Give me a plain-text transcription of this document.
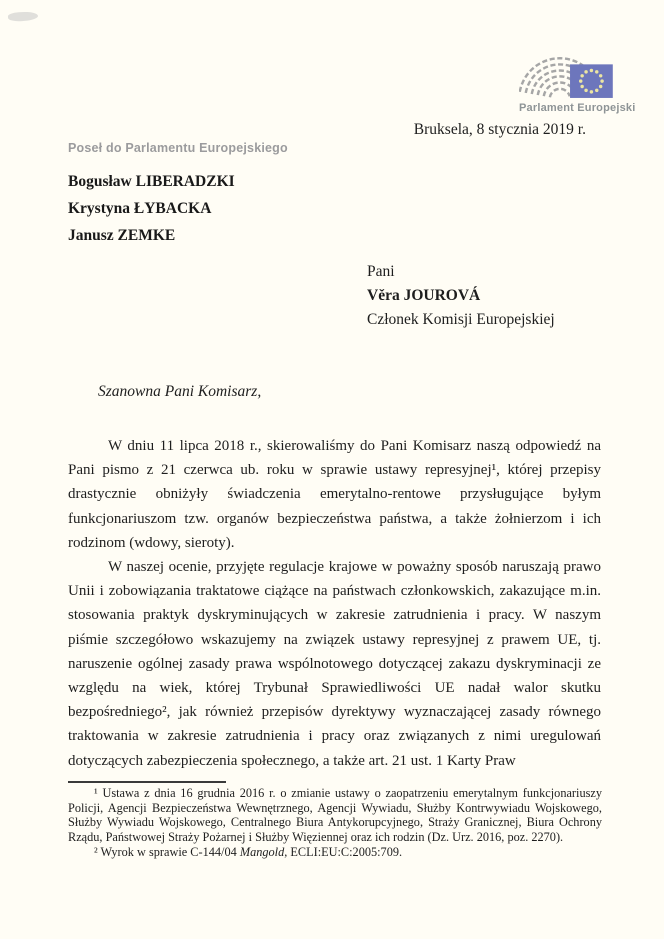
Parlament Europejski
Bruksela, 8 stycznia 2019 r.
Poseł do Parlamentu Europejskiego
Bogusław LIBERADZKI
Krystyna ŁYBACKA
Janusz ZEMKE
Pani
Věra JOUROVÁ
Członek Komisji Europejskiej
Szanowna Pani Komisarz,

W dniu 11 lipca 2018 r., skierowaliśmy do Pani Komisarz naszą odpowiedź na Pani pismo z 21 czerwca ub. roku w sprawie ustawy represyjnej¹, której przepisy drastycznie obniżyły świadczenia emerytalno-rentowe przysługujące byłym funkcjonariuszom tzw. organów bezpieczeństwa państwa, a także żołnierzom i ich rodzinom (wdowy, sieroty).

W naszej ocenie, przyjęte regulacje krajowe w poważny sposób naruszają prawo Unii i zobowiązania traktatowe ciążące na państwach członkowskich, zakazujące m.in. stosowania praktyk dyskryminujących w zakresie zatrudnienia i pracy. W naszym piśmie szczegółowo wskazujemy na związek ustawy represyjnej z prawem UE, tj. naruszenie ogólnej zasady prawa wspólnotowego dotyczącej zakazu dyskryminacji ze względu na wiek, której Trybunał Sprawiedliwości UE nadał walor skutku bezpośredniego², jak również przepisów dyrektywy wyznaczającej zasady równego traktowania w zakresie zatrudnienia i pracy oraz związanych z nimi uregulowań dotyczących zabezpieczenia społecznego, a także art. 21 ust. 1 Karty Praw

¹ Ustawa z dnia 16 grudnia 2016 r. o zmianie ustawy o zaopatrzeniu emerytalnym funkcjonariuszy Policji, Agencji Bezpieczeństwa Wewnętrznego, Agencji Wywiadu, Służby Kontrwywiadu Wojskowego, Służby Wywiadu Wojskowego, Centralnego Biura Antykorupcyjnego, Straży Granicznej, Biura Ochrony Rządu, Państwowej Straży Pożarnej i Służby Więziennej oraz ich rodzin (Dz. Urz. 2016, poz. 2270).

² Wyrok w sprawie C-144/04 Mangold, ECLI:EU:C:2005:709.
